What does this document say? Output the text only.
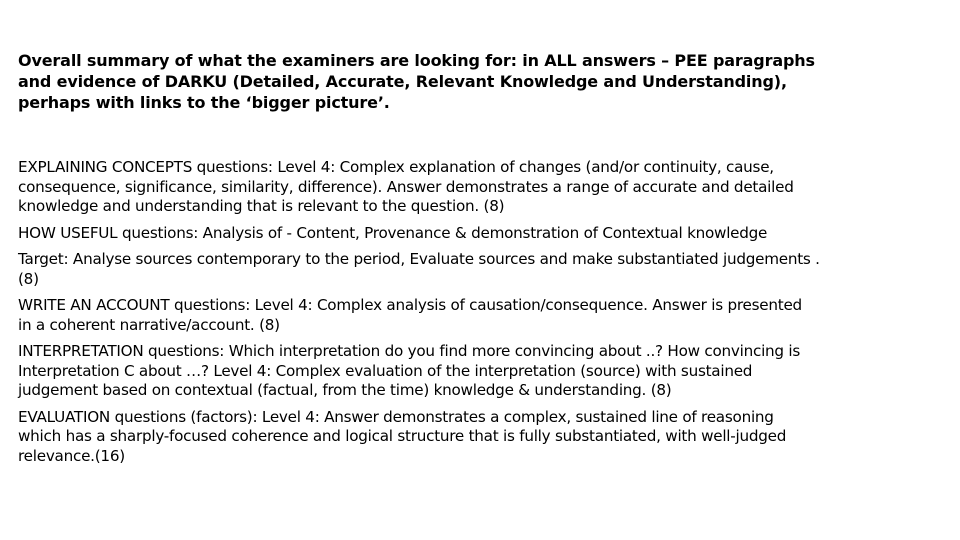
Overall summary of what the examiners are looking for: in ALL answers – PEE paragraphs
and evidence of DARKU (Detailed, Accurate, Relevant Knowledge and Understanding),
perhaps with links to the ‘bigger picture’.
EXPLAINING CONCEPTS questions: Level 4: Complex explanation of changes (and/or continuity, cause,
consequence, significance, similarity, difference). Answer demonstrates a range of accurate and detailed
knowledge and understanding that is relevant to the question. (8)
HOW USEFUL questions: Analysis of - Content, Provenance & demonstration of Contextual knowledge
Target: Analyse sources contemporary to the period, Evaluate sources and make substantiated judgements .
(8)
WRITE AN ACCOUNT questions: Level 4: Complex analysis of causation/consequence. Answer is presented
in a coherent narrative/account. (8)
INTERPRETATION questions: Which interpretation do you find more convincing about ..? How convincing is
Interpretation C about …? Level 4: Complex evaluation of the interpretation (source) with sustained
judgement based on contextual (factual, from the time) knowledge & understanding. (8)
EVALUATION questions (factors): Level 4: Answer demonstrates a complex, sustained line of reasoning
which has a sharply-focused coherence and logical structure that is fully substantiated, with well-judged
relevance.(16)
